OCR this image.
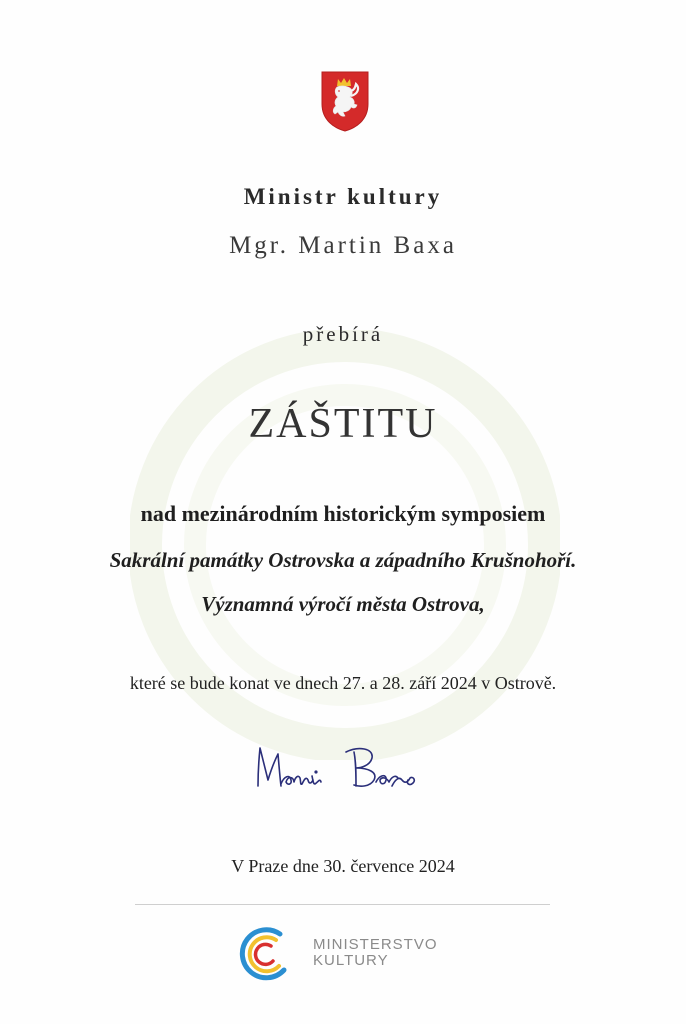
Ministr kultury
Mgr. Martin Baxa
přebírá
ZÁŠTITU
nad mezinárodním historickým symposiem
Sakrální památky Ostrovska a západního Krušnohoří.
Významná výročí města Ostrova,
které se bude konat ve dnech 27. a 28. září 2024 v Ostrově.
V Praze dne 30. července 2024
MINISTERSTVO
KULTURY
